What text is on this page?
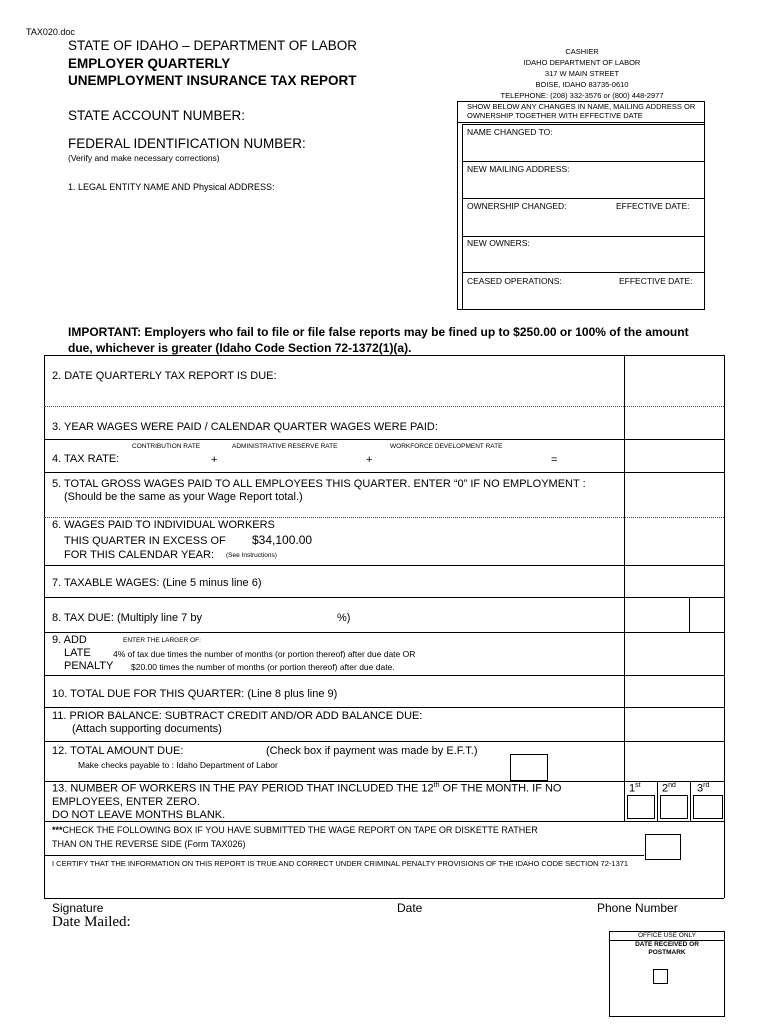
TAX020.doc
STATE OF IDAHO – DEPARTMENT OF LABOR
EMPLOYER QUARTERLY
UNEMPLOYMENT INSURANCE TAX REPORT
CASHIER
IDAHO DEPARTMENT OF LABOR
317 W MAIN STREET
BOISE, IDAHO 83735-0610
TELEPHONE: (208) 332-3576 or (800) 448-2977
STATE ACCOUNT NUMBER:
FEDERAL IDENTIFICATION NUMBER:
(Verify and make necessary corrections)
1. LEGAL ENTITY NAME AND Physical ADDRESS:
SHOW BELOW ANY CHANGES IN NAME, MAILING ADDRESS OR
OWNERSHIP TOGETHER WITH EFFECTIVE DATE
NAME CHANGED TO:
NEW MAILING ADDRESS:
OWNERSHIP CHANGED:	EFFECTIVE DATE:
NEW OWNERS:
CEASED OPERATIONS:	EFFECTIVE DATE:
IMPORTANT: Employers who fail to file or file false reports may be fined up to $250.00 or 100% of the amount
due, whichever is greater (Idaho Code Section 72-1372(1)(a).
2. DATE QUARTERLY TAX REPORT IS DUE:
3. YEAR WAGES WERE PAID / CALENDAR QUARTER WAGES WERE PAID:
CONTRIBUTION RATE	ADMINISTRATIVE RESERVE RATE	WORKFORCE DEVELOPMENT RATE
4. TAX RATE:	+	+	=
5. TOTAL GROSS WAGES PAID TO ALL EMPLOYEES THIS QUARTER. ENTER “0” IF NO EMPLOYMENT :
(Should be the same as your Wage Report total.)
6. WAGES PAID TO INDIVIDUAL WORKERS
THIS QUARTER IN EXCESS OF $34,100.00
FOR THIS CALENDAR YEAR: (See Instructions)
7. TAXABLE WAGES: (Line 5 minus line 6)
8. TAX DUE: (Multiply line 7 by	%)
9. ADD	ENTER THE LARGER OF:
LATE	4% of tax due times the number of months (or portion thereof) after due date OR
PENALTY $20.00 times the number of months (or portion thereof) after due date.
10. TOTAL DUE FOR THIS QUARTER: (Line 8 plus line 9)
11. PRIOR BALANCE: SUBTRACT CREDIT AND/OR ADD BALANCE DUE:
(Attach supporting documents)
12. TOTAL AMOUNT DUE:	(Check box if payment was made by E.F.T.)
Make checks payable to : Idaho Department of Labor
13. NUMBER OF WORKERS IN THE PAY PERIOD THAT INCLUDED THE 12th OF THE MONTH. IF NO
EMPLOYEES, ENTER ZERO.
DO NOT LEAVE MONTHS BLANK.
1st 2nd 3rd
***CHECK THE FOLLOWING BOX IF YOU HAVE SUBMITTED THE WAGE REPORT ON TAPE OR DISKETTE RATHER
THAN ON THE REVERSE SIDE (Form TAX026)
I CERTIFY THAT THE INFORMATION ON THIS REPORT IS TRUE AND CORRECT UNDER CRIMINAL PENALTY PROVISIONS OF THE IDAHO CODE SECTION 72-1371
Signature	Date	Phone Number
Date Mailed:
OFFICE USE ONLY
DATE RECEIVED OR
POSTMARK
